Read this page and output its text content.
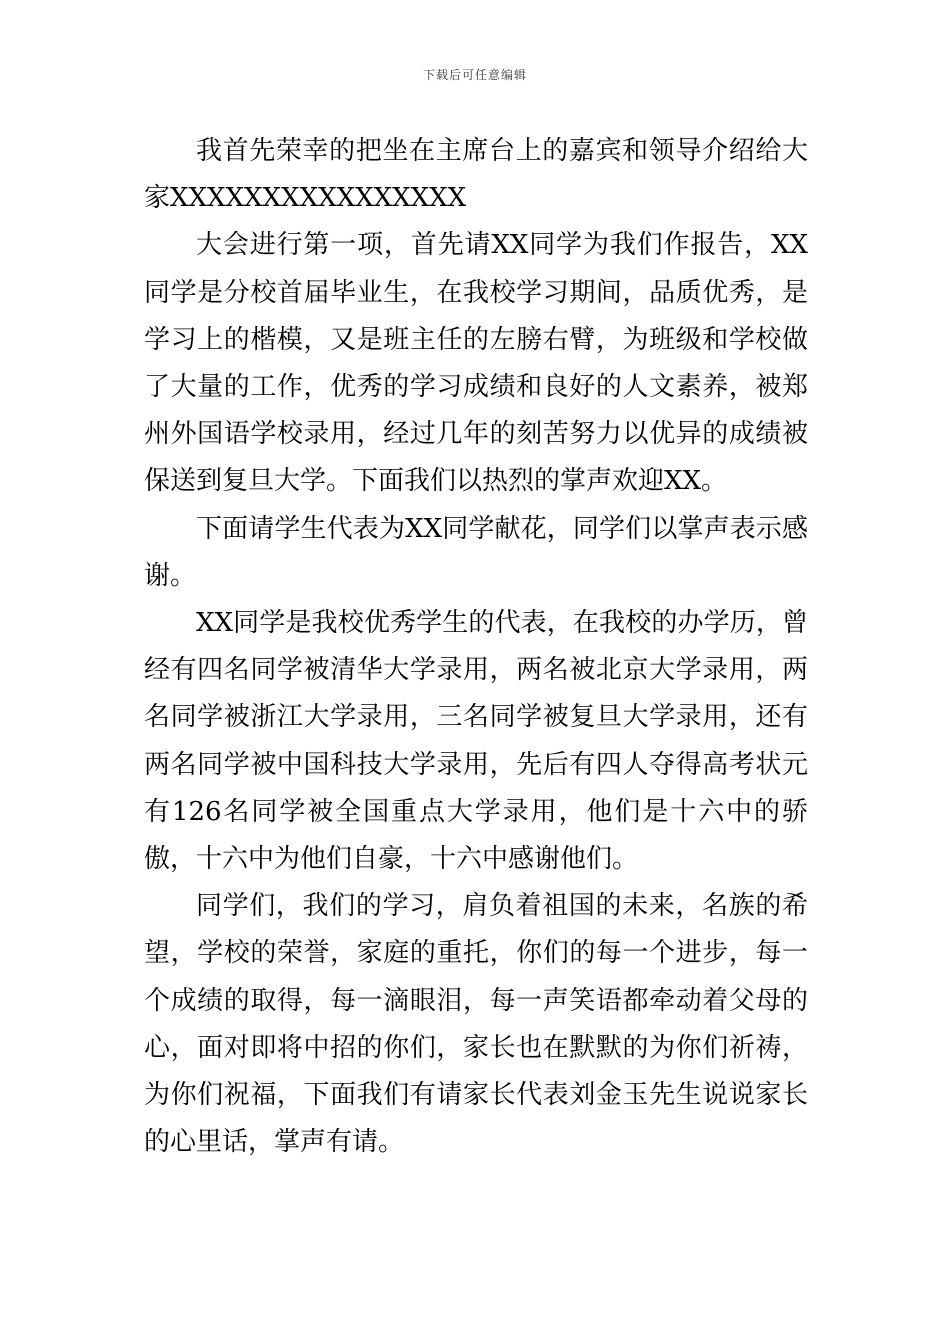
下载后可任意编辑

我首先荣幸的把坐在主席台上的嘉宾和领导介绍给大家XXXXXXXXXXXXXXXX

大会进行第一项，首先请XX同学为我们作报告，XX同学是分校首届毕业生，在我校学习期间，品质优秀，是学习上的楷模，又是班主任的左膀右臂，为班级和学校做了大量的工作，优秀的学习成绩和良好的人文素养，被郑州外国语学校录用，经过几年的刻苦努力以优异的成绩被保送到复旦大学。下面我们以热烈的掌声欢迎XX。

下面请学生代表为XX同学献花，同学们以掌声表示感谢。

XX同学是我校优秀学生的代表，在我校的办学历，曾经有四名同学被清华大学录用，两名被北京大学录用，两名同学被浙江大学录用，三名同学被复旦大学录用，还有两名同学被中国科技大学录用，先后有四人夺得高考状元有126名同学被全国重点大学录用，他们是十六中的骄傲，十六中为他们自豪，十六中感谢他们。

同学们，我们的学习，肩负着祖国的未来，名族的希望，学校的荣誉，家庭的重托，你们的每一个进步，每一个成绩的取得，每一滴眼泪，每一声笑语都牵动着父母的心，面对即将中招的你们，家长也在默默的为你们祈祷，为你们祝福，下面我们有请家长代表刘金玉先生说说家长的心里话，掌声有请。
